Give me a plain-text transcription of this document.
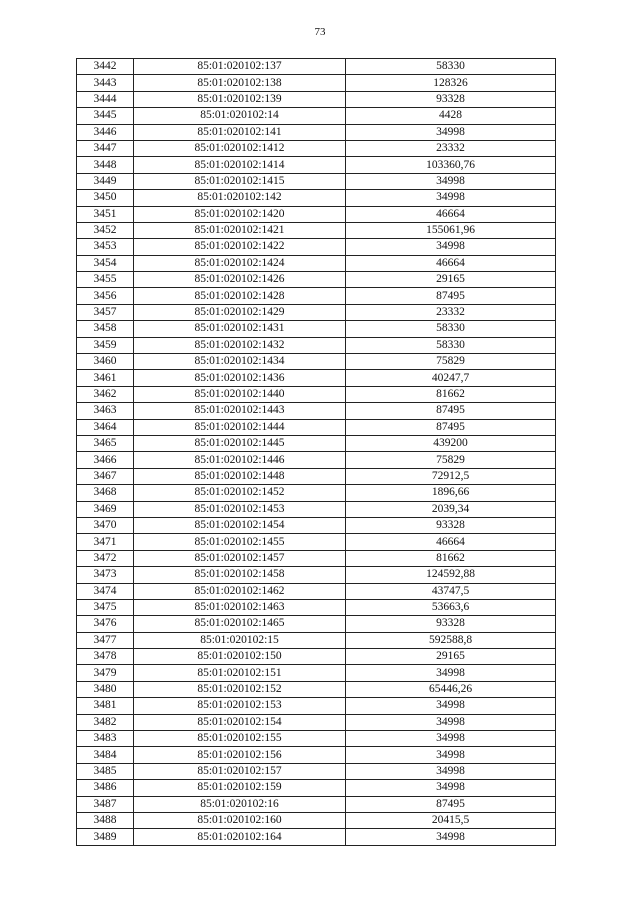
73
3442	85:01:020102:137	58330
3443	85:01:020102:138	128326
3444	85:01:020102:139	93328
3445	85:01:020102:14	4428
3446	85:01:020102:141	34998
3447	85:01:020102:1412	23332
3448	85:01:020102:1414	103360,76
3449	85:01:020102:1415	34998
3450	85:01:020102:142	34998
3451	85:01:020102:1420	46664
3452	85:01:020102:1421	155061,96
3453	85:01:020102:1422	34998
3454	85:01:020102:1424	46664
3455	85:01:020102:1426	29165
3456	85:01:020102:1428	87495
3457	85:01:020102:1429	23332
3458	85:01:020102:1431	58330
3459	85:01:020102:1432	58330
3460	85:01:020102:1434	75829
3461	85:01:020102:1436	40247,7
3462	85:01:020102:1440	81662
3463	85:01:020102:1443	87495
3464	85:01:020102:1444	87495
3465	85:01:020102:1445	439200
3466	85:01:020102:1446	75829
3467	85:01:020102:1448	72912,5
3468	85:01:020102:1452	1896,66
3469	85:01:020102:1453	2039,34
3470	85:01:020102:1454	93328
3471	85:01:020102:1455	46664
3472	85:01:020102:1457	81662
3473	85:01:020102:1458	124592,88
3474	85:01:020102:1462	43747,5
3475	85:01:020102:1463	53663,6
3476	85:01:020102:1465	93328
3477	85:01:020102:15	592588,8
3478	85:01:020102:150	29165
3479	85:01:020102:151	34998
3480	85:01:020102:152	65446,26
3481	85:01:020102:153	34998
3482	85:01:020102:154	34998
3483	85:01:020102:155	34998
3484	85:01:020102:156	34998
3485	85:01:020102:157	34998
3486	85:01:020102:159	34998
3487	85:01:020102:16	87495
3488	85:01:020102:160	20415,5
3489	85:01:020102:164	34998
